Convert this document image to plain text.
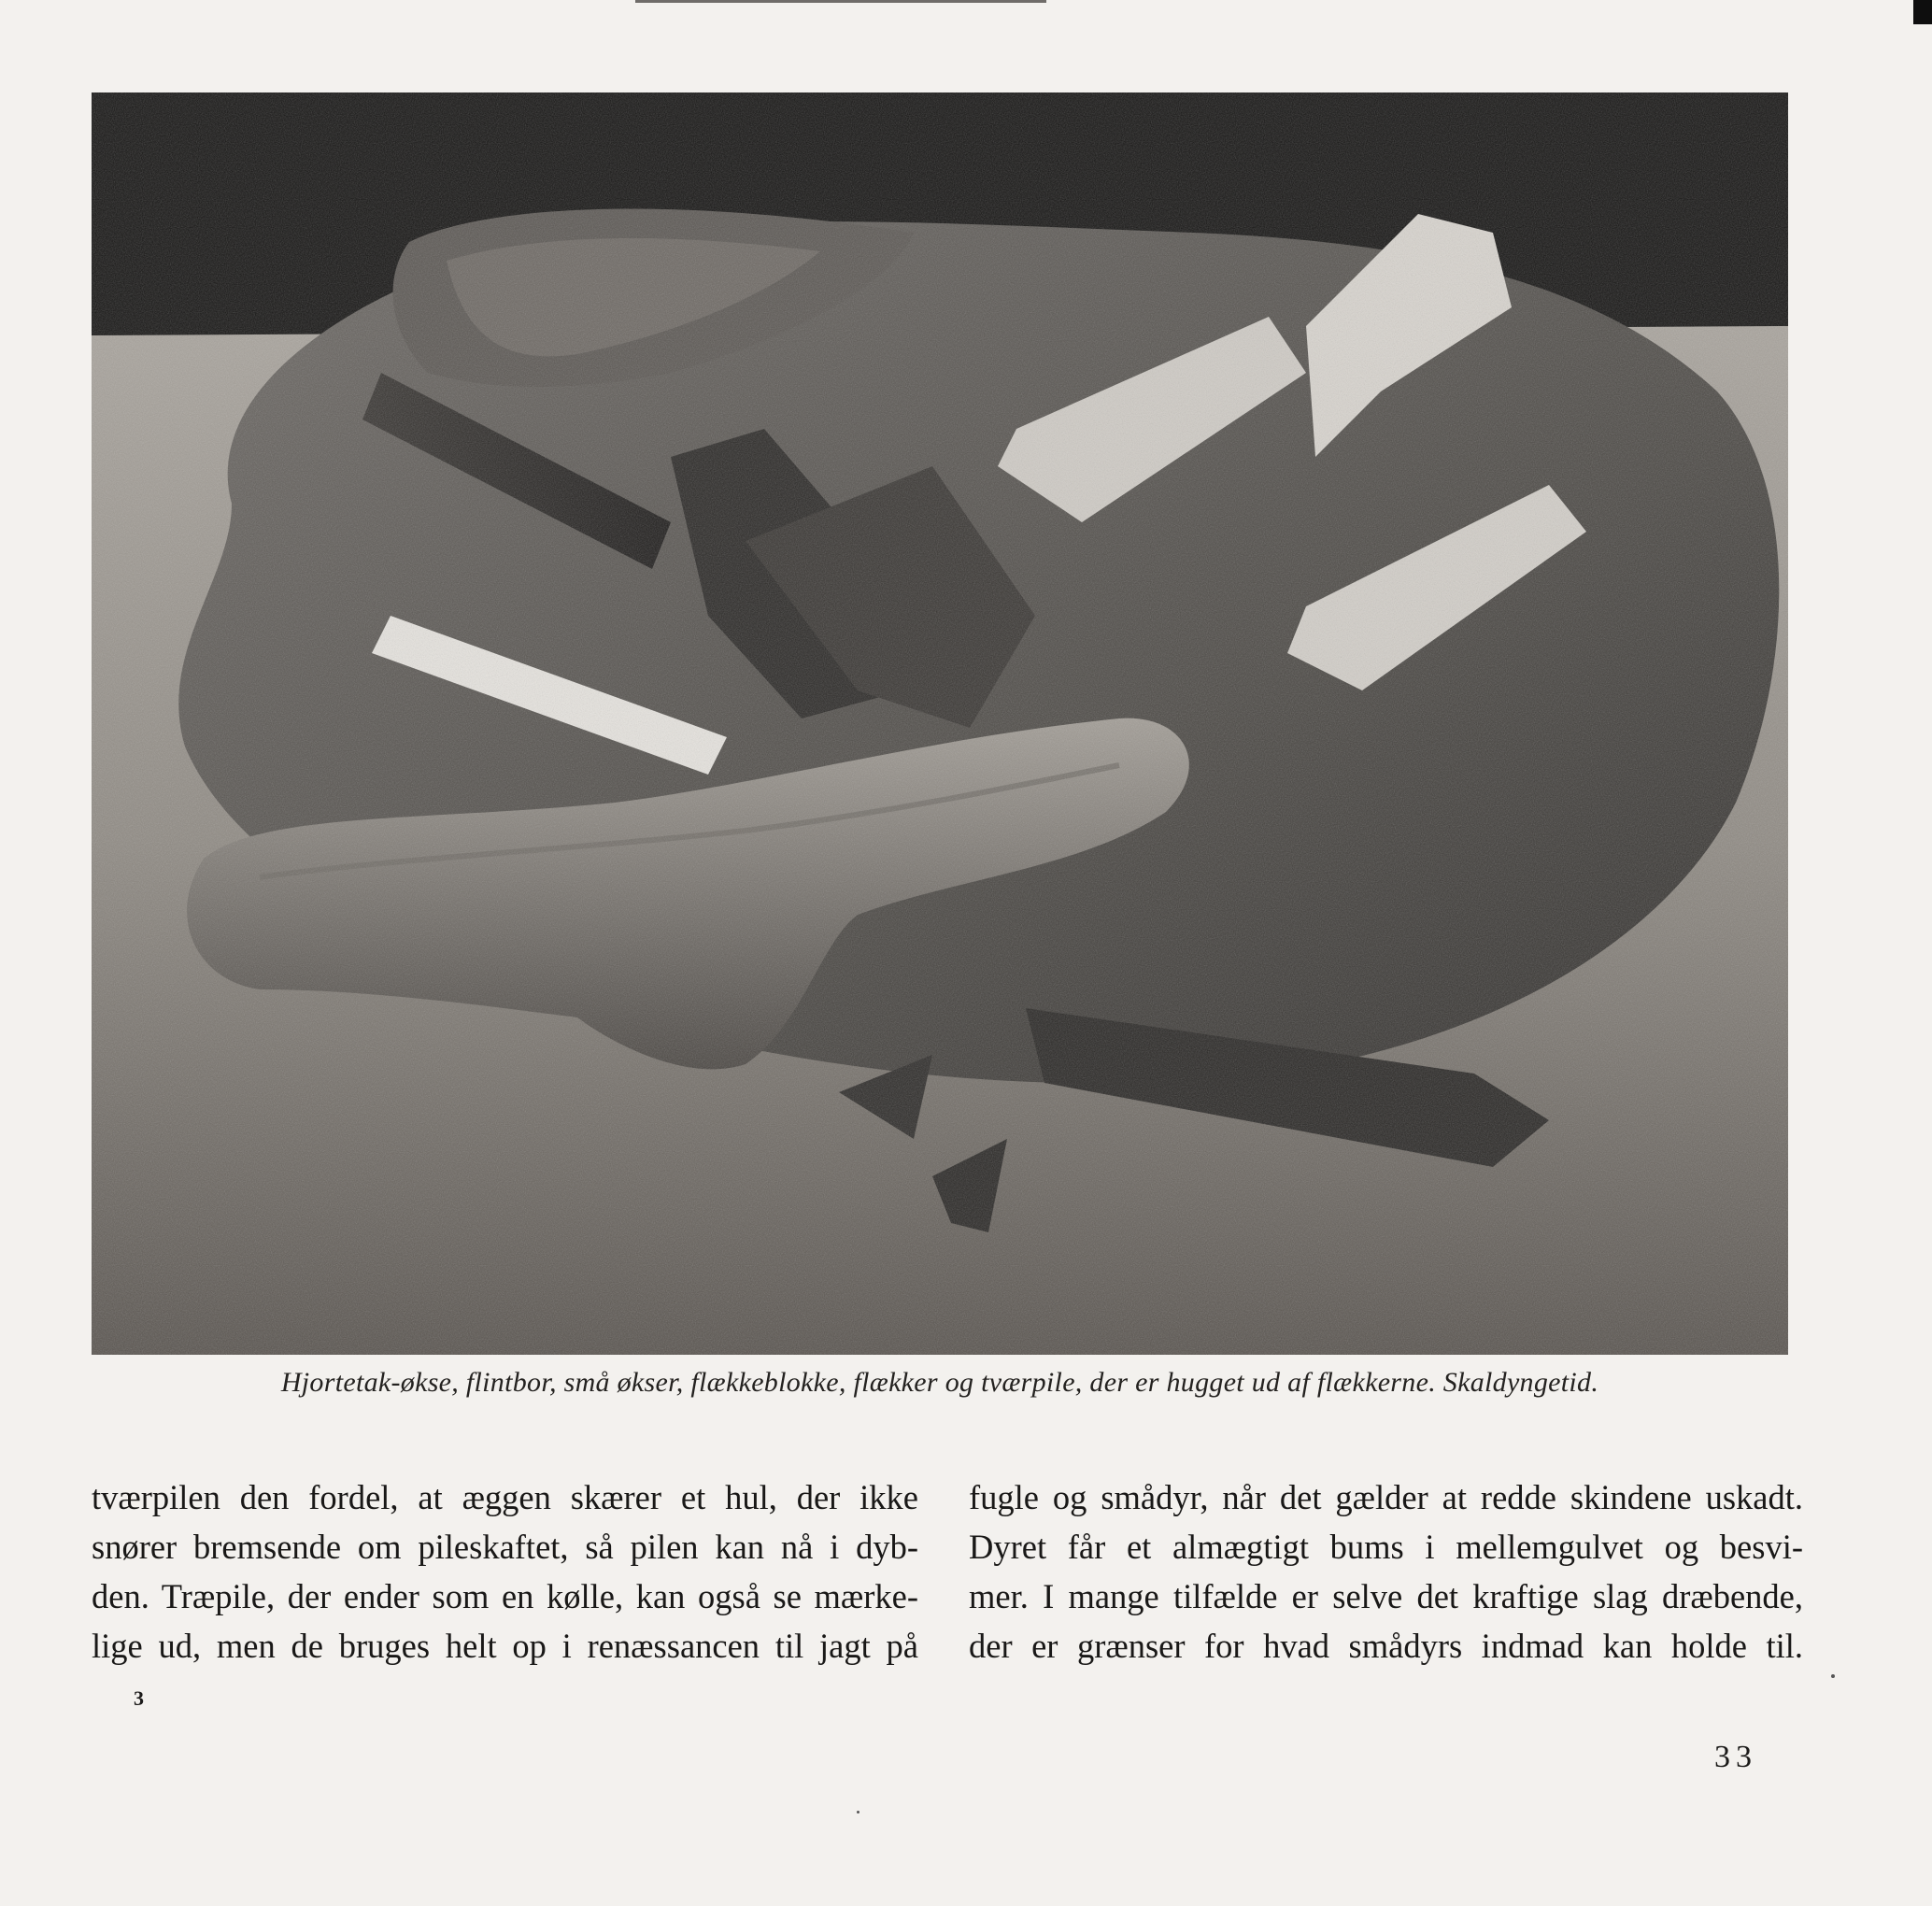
Hjortetak-økse, flintbor, små økser, flækkeblokke, flækker og tværpile, der er hugget ud af flækkerne. Skaldyngetid.
tværpilen den fordel, at æggen skærer et hul, der ikke
snører bremsende om pileskaftet, så pilen kan nå i dyb-
den. Træpile, der ender som en kølle, kan også se mærke-
lige ud, men de bruges helt op i renæssancen til jagt på
fugle og smådyr, når det gælder at redde skindene uskadt.
Dyret får et almægtigt bums i mellemgulvet og besvi-
mer. I mange tilfælde er selve det kraftige slag dræbende,
der er grænser for hvad smådyrs indmad kan holde til.
3
33
